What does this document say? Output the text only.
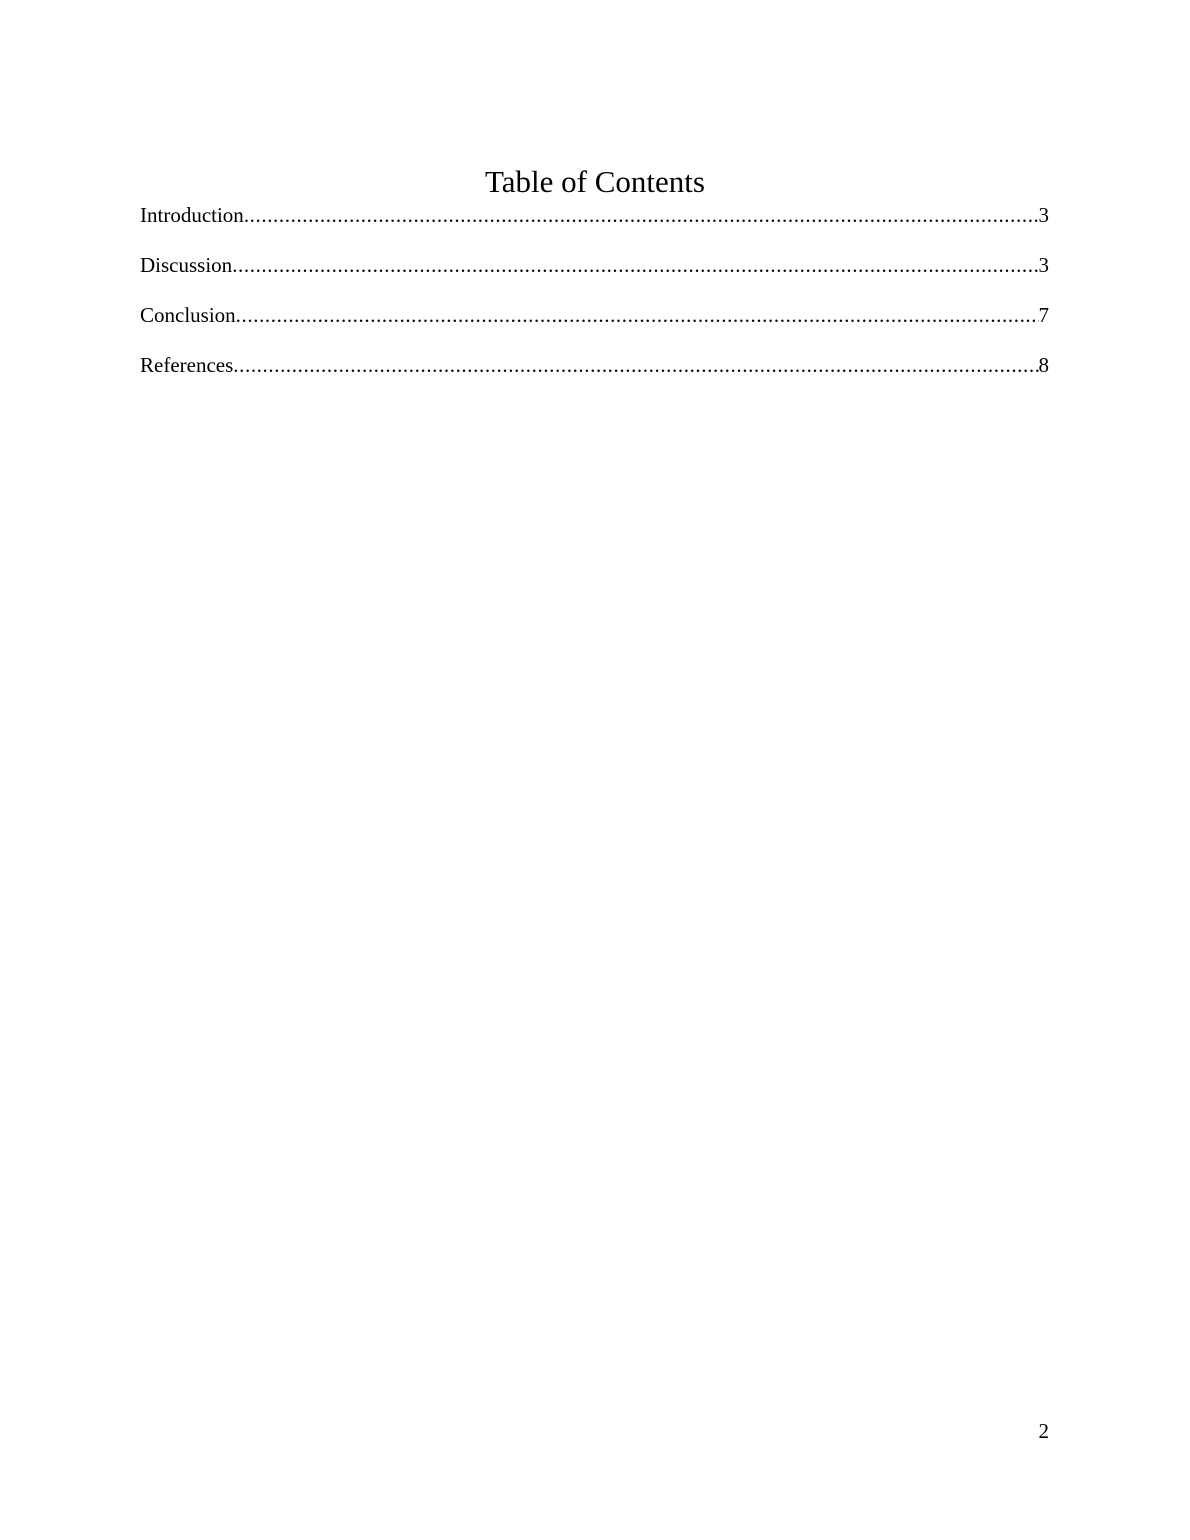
Table of Contents
Introduction .....	3
Discussion .....	3
Conclusion .....	7
References .....	8
2
